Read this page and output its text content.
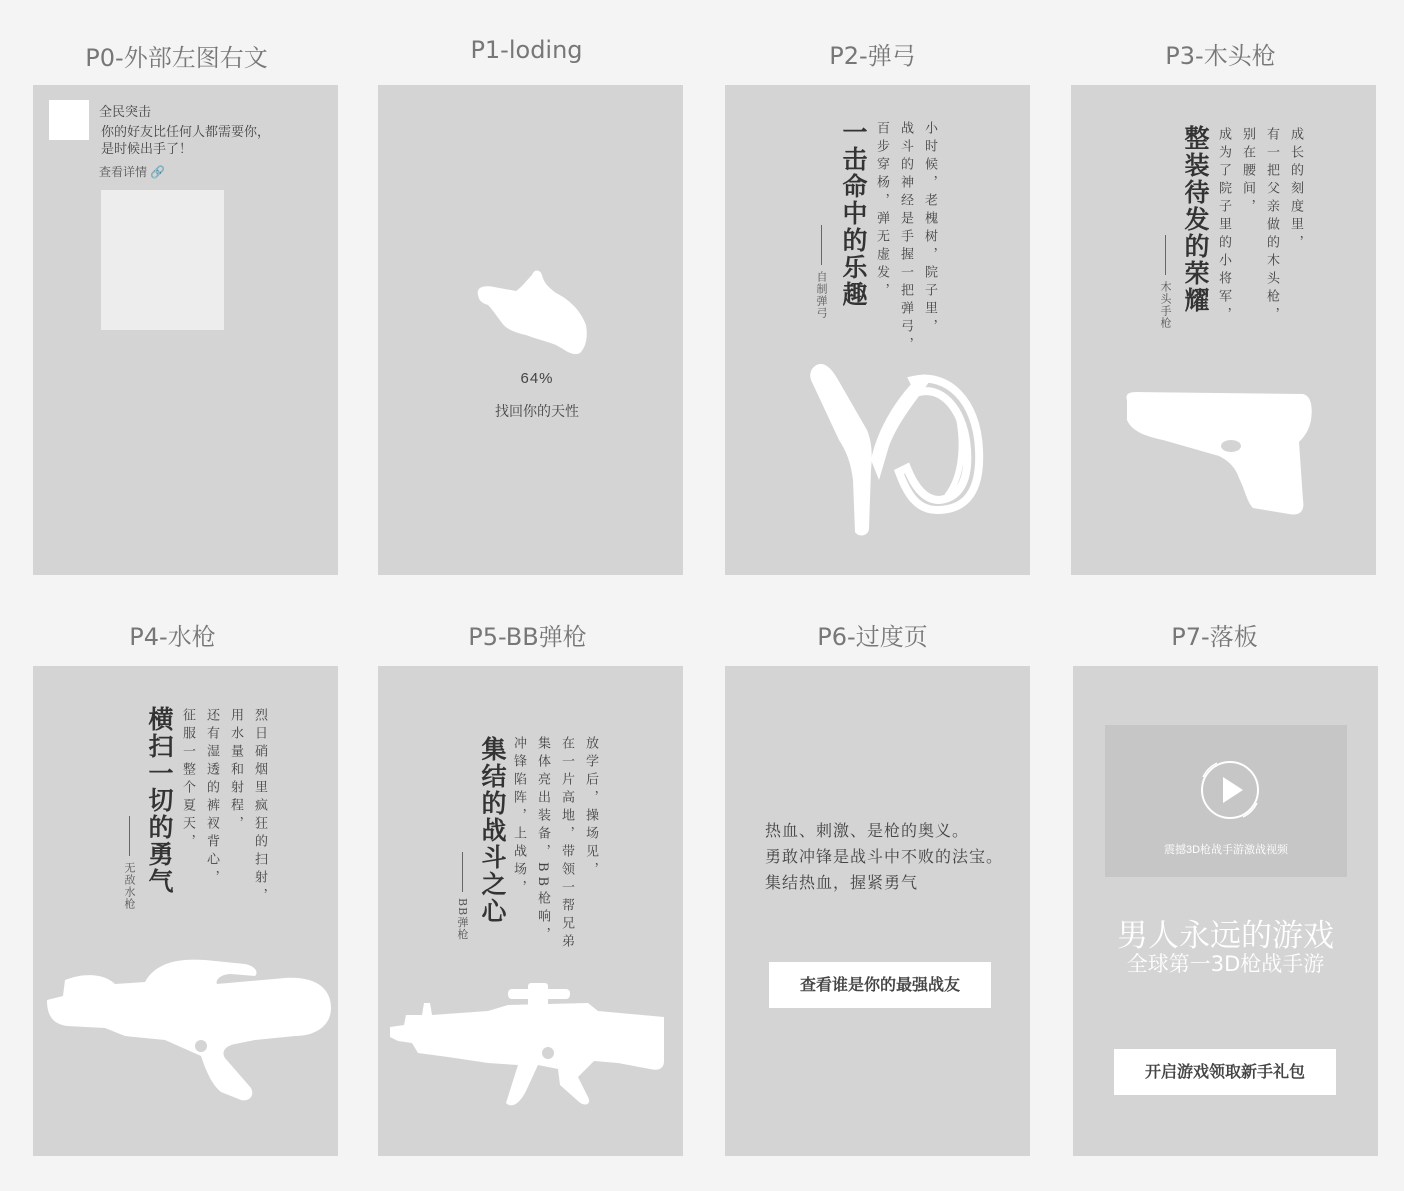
P0-外部左图右文	P1-loding	P2-弹弓	P3-木头枪
全民突击
你的好友比任何人都需要你，
是时候出手了！
查看详情 🔗
64%
找回你的天性
小时候，老槐树，院子里，
战斗的神经是手握一把弹弓，
百步穿杨，弹无虚发，
一击命中的乐趣
自制弹弓
成长的刻度里，
有一把父亲做的木头枪，
别在腰间，
成为了院子里的小将军，
整装待发的荣耀
木头手枪
P4-水枪	P5-BB弹枪	P6-过度页	P7-落板
烈日硝烟里疯狂的扫射，
用水量和射程，
还有湿透的裤衩背心，
征服一整个夏天，
横扫一切的勇气
无敌水枪
放学后，操场见，
在一片高地，带领一帮兄弟
集体亮出装备，BB枪响，
冲锋陷阵，上战场，
集结的战斗之心
BB弹枪
热血、刺激、是枪的奥义。
勇敢冲锋是战斗中不败的法宝。
集结热血，握紧勇气
查看谁是你的最强战友
震撼3D枪战手游激战视频
男人永远的游戏
全球第一3D枪战手游
开启游戏领取新手礼包
